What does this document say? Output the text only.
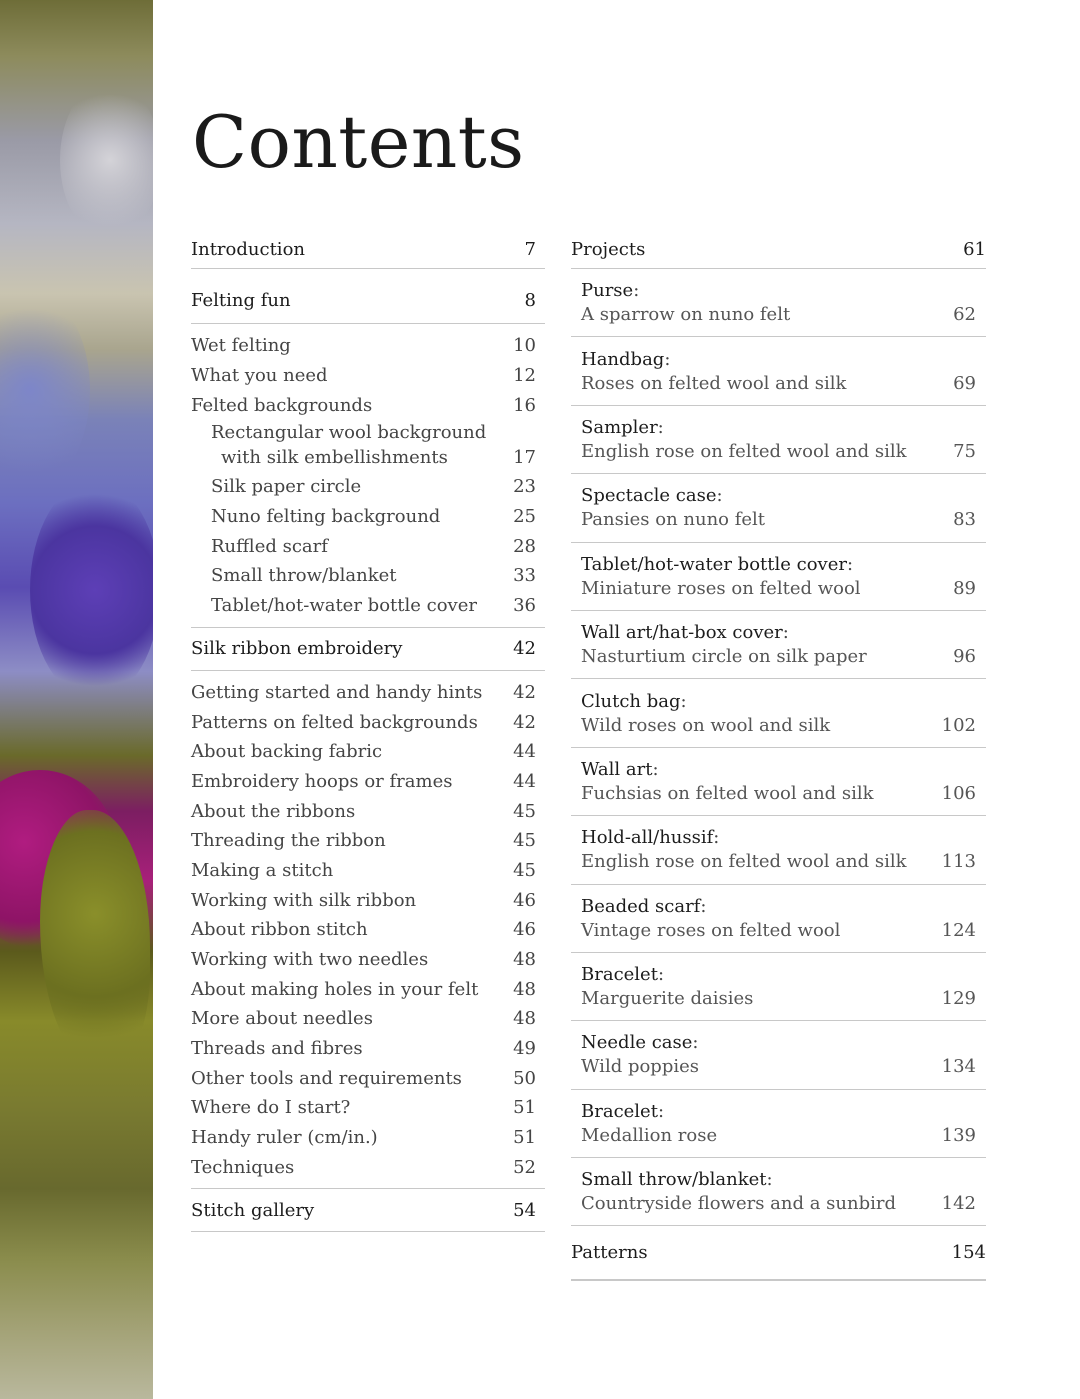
Contents
Introduction	7
Felting fun	8
Wet felting	10
What you need	12
Felted backgrounds	16
Rectangular wool background
with silk embellishments	17
Silk paper circle	23
Nuno felting background	25
Ruffled scarf	28
Small throw/blanket	33
Tablet/hot-water bottle cover 36
Silk ribbon embroidery	42
Getting started and handy hints 42
Patterns on felted backgrounds 42
About backing fabric	44
Embroidery hoops or frames	44
About the ribbons	45
Threading the ribbon	45
Making a stitch	45
Working with silk ribbon	46
About ribbon stitch	46
Working with two needles	48
About making holes in your felt 48
More about needles	48
Threads and fibres	49
Other tools and requirements	50
Where do I start?	51
Handy ruler (cm/in.)	51
Techniques	52
Stitch gallery	54
Projects	61
Purse:
A sparrow on nuno felt	62
Handbag:
Roses on felted wool and silk	69
Sampler:
English rose on felted wool and silk	75
Spectacle case:
Pansies on nuno felt	83
Tablet/hot-water bottle cover:
Miniature roses on felted wool	89
Wall art/hat-box cover:
Nasturtium circle on silk paper	96
Clutch bag:
Wild roses on wool and silk	102
Wall art:
Fuchsias on felted wool and silk	106
Hold-all/hussif:
English rose on felted wool and silk 113
Beaded scarf:
Vintage roses on felted wool	124
Bracelet:
Marguerite daisies	129
Needle case:
Wild poppies	134
Bracelet:
Medallion rose	139
Small throw/blanket:
Countryside flowers and a sunbird	142
Patterns	154
